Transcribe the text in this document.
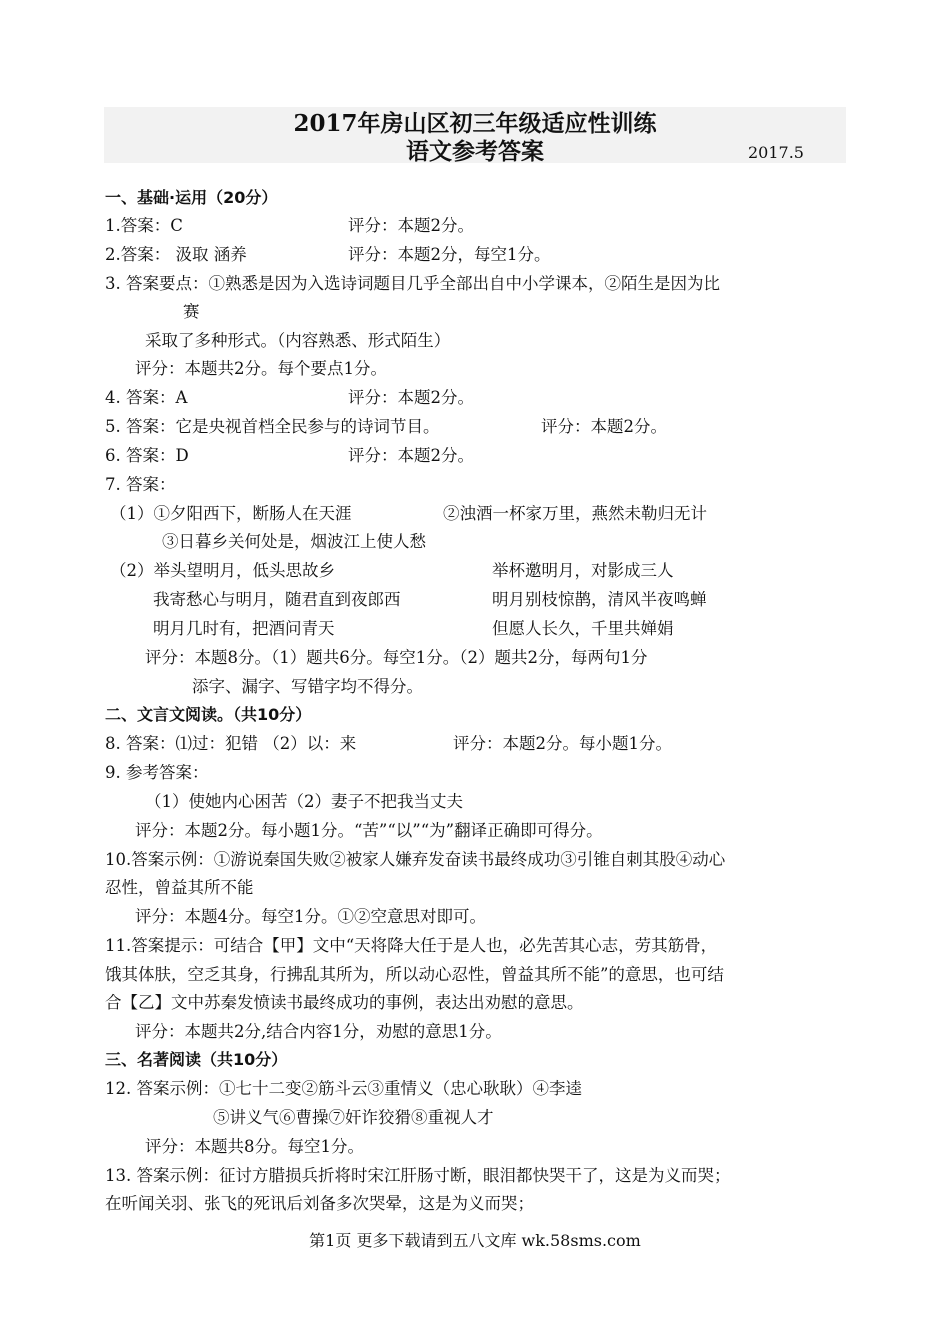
2017年房山区初三年级适应性训练
语文参考答案	2017.5
一、基础·运用（20分）
1.答案：C	评分：本题2分。
2.答案： 汲取 涵养	评分：本题2分，每空1分。
3. 答案要点：①熟悉是因为入选诗词题目几乎全部出自中小学课本，②陌生是因为比
赛
采取了多种形式。（内容熟悉、形式陌生）
评分：本题共2分。每个要点1分。
4. 答案：A	评分：本题2分。
5. 答案：它是央视首档全民参与的诗词节目。	评分：本题2分。
6. 答案：D	评分：本题2分。
7. 答案：
（1）①夕阳西下，断肠人在天涯	②浊酒一杯家万里，燕然未勒归无计
③日暮乡关何处是，烟波江上使人愁
（2）举头望明月，低头思故乡	举杯邀明月，对影成三人
我寄愁心与明月，随君直到夜郎西	明月别枝惊鹊，清风半夜鸣蝉
明月几时有，把酒问青天	但愿人长久，千里共婵娟
评分：本题8分。（1）题共6分。每空1分。（2）题共2分，每两句1分
添字、漏字、写错字均不得分。
二、文言文阅读。（共10分）
8. 答案：⑴过：犯错 （2）以：来	评分：本题2分。每小题1分。
9. 参考答案：
（1）使她内心困苦（2）妻子不把我当丈夫
评分：本题2分。每小题1分。“苦”“以”“为”翻译正确即可得分。
10.答案示例：①游说秦国失败②被家人嫌弃发奋读书最终成功③引锥自刺其股④动心
忍性，曾益其所不能
评分：本题4分。每空1分。①②空意思对即可。
11.答案提示：可结合【甲】文中“天将降大任于是人也，必先苦其心志，劳其筋骨，
饿其体肤，空乏其身，行拂乱其所为，所以动心忍性，曾益其所不能”的意思，也可结
合【乙】文中苏秦发愤读书最终成功的事例，表达出劝慰的意思。
评分：本题共2分,结合内容1分，劝慰的意思1分。
三、名著阅读（共10分）
12. 答案示例：①七十二变②筋斗云③重情义（忠心耿耿）④李逵
⑤讲义气⑥曹操⑦奸诈狡猾⑧重视人才
评分：本题共8分。每空1分。
13. 答案示例：征讨方腊损兵折将时宋江肝肠寸断，眼泪都快哭干了，这是为义而哭；
在听闻关羽、张飞的死讯后刘备多次哭晕，这是为义而哭；
第1页 更多下载请到五八文库 wk.58sms.com
